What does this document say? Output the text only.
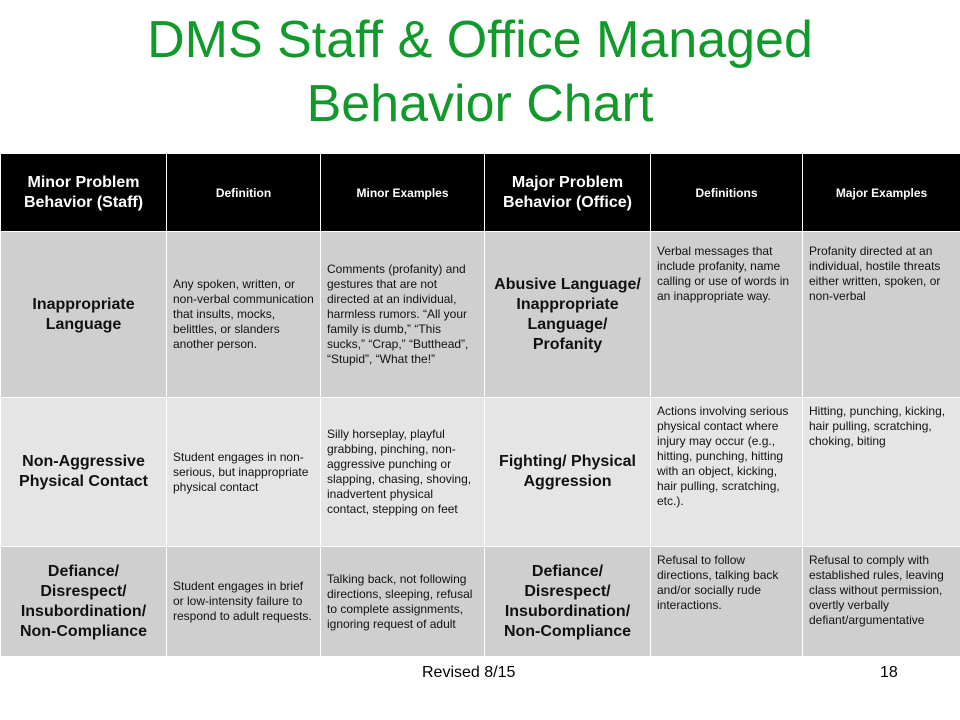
DMS Staff & Office Managed
Behavior Chart
Minor Problem Behavior (Staff)	Definition	Minor Examples	Major Problem Behavior (Office)	Definitions	Major Examples
Inappropriate Language	Any spoken, written, or non-verbal communication that insults, mocks, belittles, or slanders another person.	Comments (profanity) and gestures that are not directed at an individual, harmless rumors. “All your family is dumb,” “This sucks,” “Crap,” “Butthead”, “Stupid”, “What the!”	Abusive Language/ Inappropriate Language/ Profanity	Verbal messages that include profanity, name calling or use of words in an inappropriate way.	Profanity directed at an individual, hostile threats either written, spoken, or non-verbal
Non-Aggressive Physical Contact	Student engages in non-serious, but inappropriate physical contact	Silly horseplay, playful grabbing, pinching, non-aggressive punching or slapping, chasing, shoving, inadvertent physical contact, stepping on feet	Fighting/ Physical Aggression	Actions involving serious physical contact where injury may occur (e.g., hitting, punching, hitting with an object, kicking, hair pulling, scratching, etc.).	Hitting, punching, kicking, hair pulling, scratching, choking, biting
Defiance/ Disrespect/ Insubordination/ Non-Compliance	Student engages in brief or low-intensity failure to respond to adult requests.	Talking back, not following directions, sleeping, refusal to complete assignments, ignoring request of adult	Defiance/ Disrespect/ Insubordination/ Non-Compliance	Refusal to follow directions, talking back and/or socially rude interactions.	Refusal to comply with established rules, leaving class without permission, overtly verbally defiant/argumentative
Revised 8/15	18
